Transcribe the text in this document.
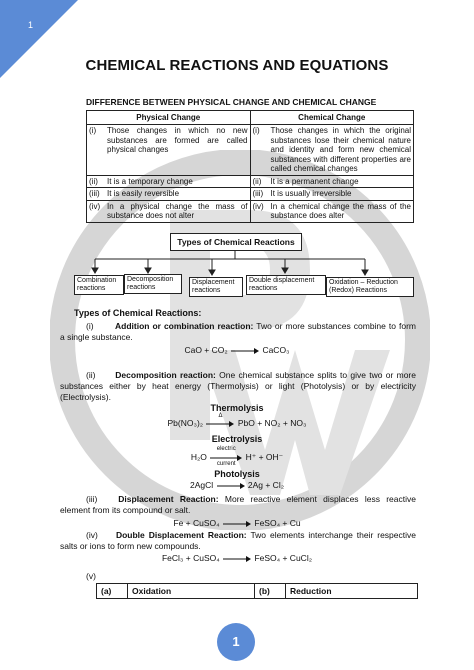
1
CHEMICAL REACTIONS AND EQUATIONS
DIFFERENCE BETWEEN PHYSICAL CHANGE AND CHEMICAL CHANGE
Physical Change	Chemical Change

(i) Those changes in which no new substances are formed are called physical changes	(i) Those changes in which the original substances lose their chemical nature and identity and form new chemical substances with different properties are called chemical changes

(ii) It is a temporary change	(ii) It is a permanent change

(iii) It is easily reversible	(iii) It is usually irreversible

(iv) In a physical change the mass of substance does not alter	(iv) In a chemical change the mass of the substance does alter
Types of Chemical Reactions
Combination reactions
Decomposition reactions
Displacement reactions
Double displacement reactions
Oxidation – Reduction (Redox) Reactions
Types of Chemical Reactions:
(i)	Addition or combination reaction: Two or more substances combine to form a single substance.
CaO + CO₂	CaCO₃
(ii) Decomposition reaction: One chemical substance splits to give two or more substances either by heat energy (Thermolysis) or light (Photolysis) or by electricity (Electrolysis).
Thermolysis
Pb(NO₃)₂
Δ
PbO + NO₂ + NO₃
Electrolysis
H₂O
electric
current
H⁺ + OH⁻
Photolysis
2AgCl	2Ag + Cl₂
(iii) Displacement Reaction: More reactive element displaces less reactive element from its compound or salt.
Fe + CuSO₄	FeSO₄ + Cu
(iv) Double Displacement Reaction: Two elements interchange their respective salts or ions to form new compounds.
FeCl₃ + CuSO₄	FeSO₄ + CuCl₂
(v)
(a)	Oxidation	(b)	Reduction
1
